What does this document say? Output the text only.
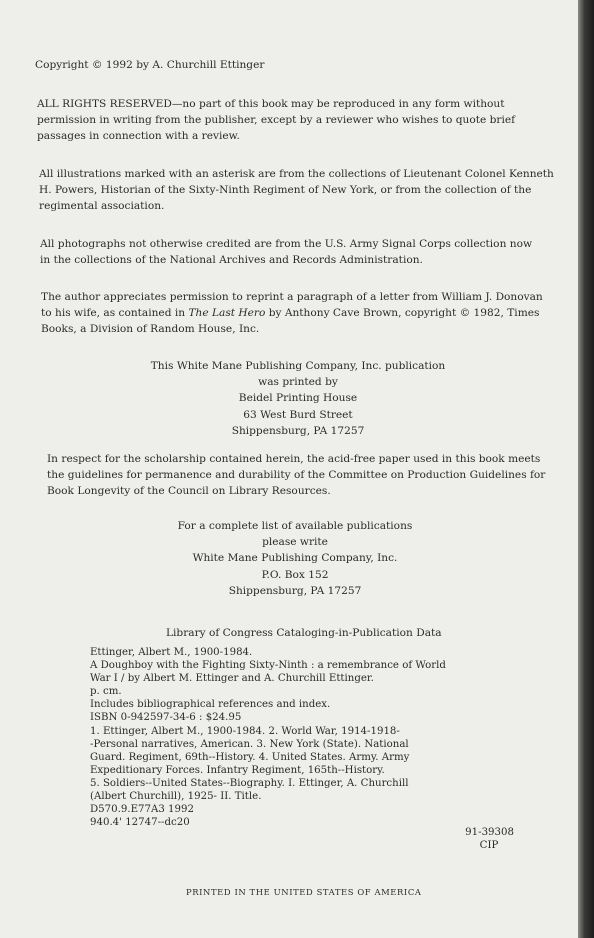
Copyright © 1992 by A. Churchill Ettinger

ALL RIGHTS RESERVED—no part of this book may be reproduced in any form without
permission in writing from the publisher, except by a reviewer who wishes to quote brief
passages in connection with a review.

All illustrations marked with an asterisk are from the collections of Lieutenant Colonel Kenneth
H. Powers, Historian of the Sixty-Ninth Regiment of New York, or from the collection of the
regimental association.

All photographs not otherwise credited are from the U.S. Army Signal Corps collection now
in the collections of the National Archives and Records Administration.

The author appreciates permission to reprint a paragraph of a letter from William J. Donovan
to his wife, as contained in The Last Hero by Anthony Cave Brown, copyright © 1982, Times
Books, a Division of Random House, Inc.

This White Mane Publishing Company, Inc. publication
was printed by
Beidel Printing House
63 West Burd Street
Shippensburg, PA 17257

In respect for the scholarship contained herein, the acid-free paper used in this book meets
the guidelines for permanence and durability of the Committee on Production Guidelines for
Book Longevity of the Council on Library Resources.

For a complete list of available publications
please write
White Mane Publishing Company, Inc.
P.O. Box 152
Shippensburg, PA 17257

Library of Congress Cataloging-in-Publication Data

Ettinger, Albert M., 1900-1984.
A Doughboy with the Fighting Sixty-Ninth : a remembrance of World
War I / by Albert M. Ettinger and A. Churchill Ettinger.
p. cm.
Includes bibliographical references and index.
ISBN 0-942597-34-6 : $24.95
1. Ettinger, Albert M., 1900-1984. 2. World War, 1914-1918-
-Personal narratives, American. 3. New York (State). National
Guard. Regiment, 69th--History. 4. United States. Army. Army
Expeditionary Forces. Infantry Regiment, 165th--History.
5. Soldiers--United States--Biography. I. Ettinger, A. Churchill
(Albert Churchill), 1925- II. Title.
D570.9.E77A3 1992
940.4' 12747--dc20

91-39308
CIP

PRINTED IN THE UNITED STATES OF AMERICA
